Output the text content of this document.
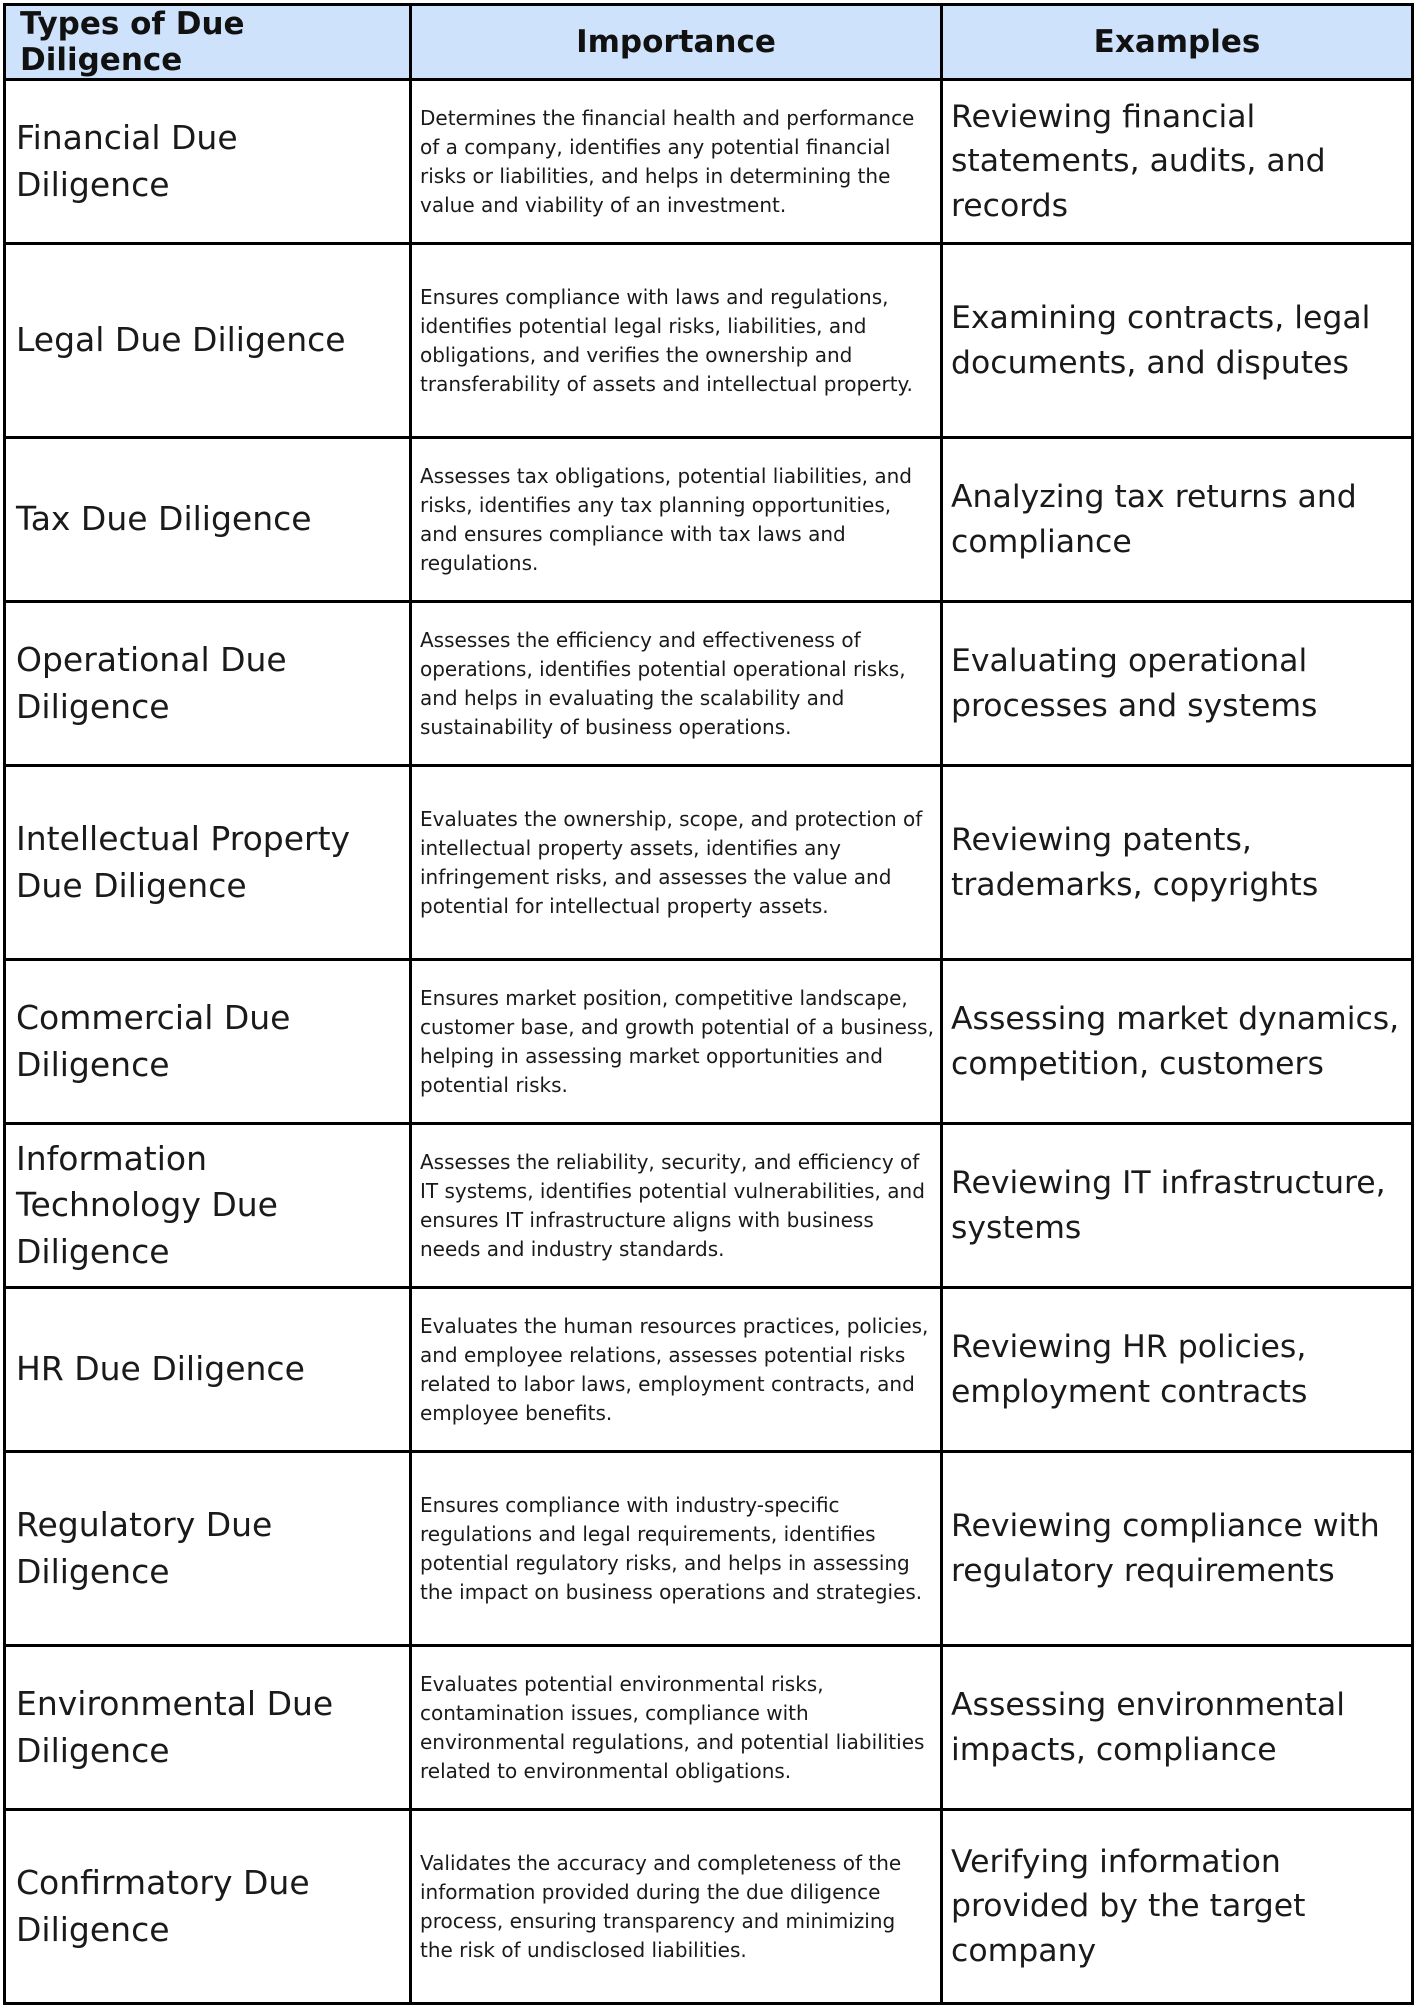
Types of Due Diligence	Importance	Examples
Financial Due Diligence	Determines the financial health and performance of a company, identifies any potential financial risks or liabilities, and helps in determining the value and viability of an investment.	Reviewing financial statements, audits, and records
Legal Due Diligence	Ensures compliance with laws and regulations, identifies potential legal risks, liabilities, and obligations, and verifies the ownership and transferability of assets and intellectual property.	Examining contracts, legal documents, and disputes
Tax Due Diligence	Assesses tax obligations, potential liabilities, and risks, identifies any tax planning opportunities, and ensures compliance with tax laws and regulations.	Analyzing tax returns and compliance
Operational Due Diligence	Assesses the efficiency and effectiveness of operations, identifies potential operational risks, and helps in evaluating the scalability and sustainability of business operations.	Evaluating operational processes and systems
Intellectual Property Due Diligence	Evaluates the ownership, scope, and protection of intellectual property assets, identifies any infringement risks, and assesses the value and potential for intellectual property assets.	Reviewing patents, trademarks, copyrights
Commercial Due Diligence	Ensures market position, competitive landscape, customer base, and growth potential of a business, helping in assessing market opportunities and potential risks.	Assessing market dynamics, competition, customers
Information Technology Due Diligence	Assesses the reliability, security, and efficiency of IT systems, identifies potential vulnerabilities, and ensures IT infrastructure aligns with business needs and industry standards.	Reviewing IT infrastructure, systems
HR Due Diligence	Evaluates the human resources practices, policies, and employee relations, assesses potential risks related to labor laws, employment contracts, and employee benefits.	Reviewing HR policies, employment contracts
Regulatory Due Diligence	Ensures compliance with industry-specific regulations and legal requirements, identifies potential regulatory risks, and helps in assessing the impact on business operations and strategies.	Reviewing compliance with regulatory requirements
Environmental Due Diligence	Evaluates potential environmental risks, contamination issues, compliance with environmental regulations, and potential liabilities related to environmental obligations.	Assessing environmental impacts, compliance
Confirmatory Due Diligence	Validates the accuracy and completeness of the information provided during the due diligence process, ensuring transparency and minimizing the risk of undisclosed liabilities.	Verifying information provided by the target company
